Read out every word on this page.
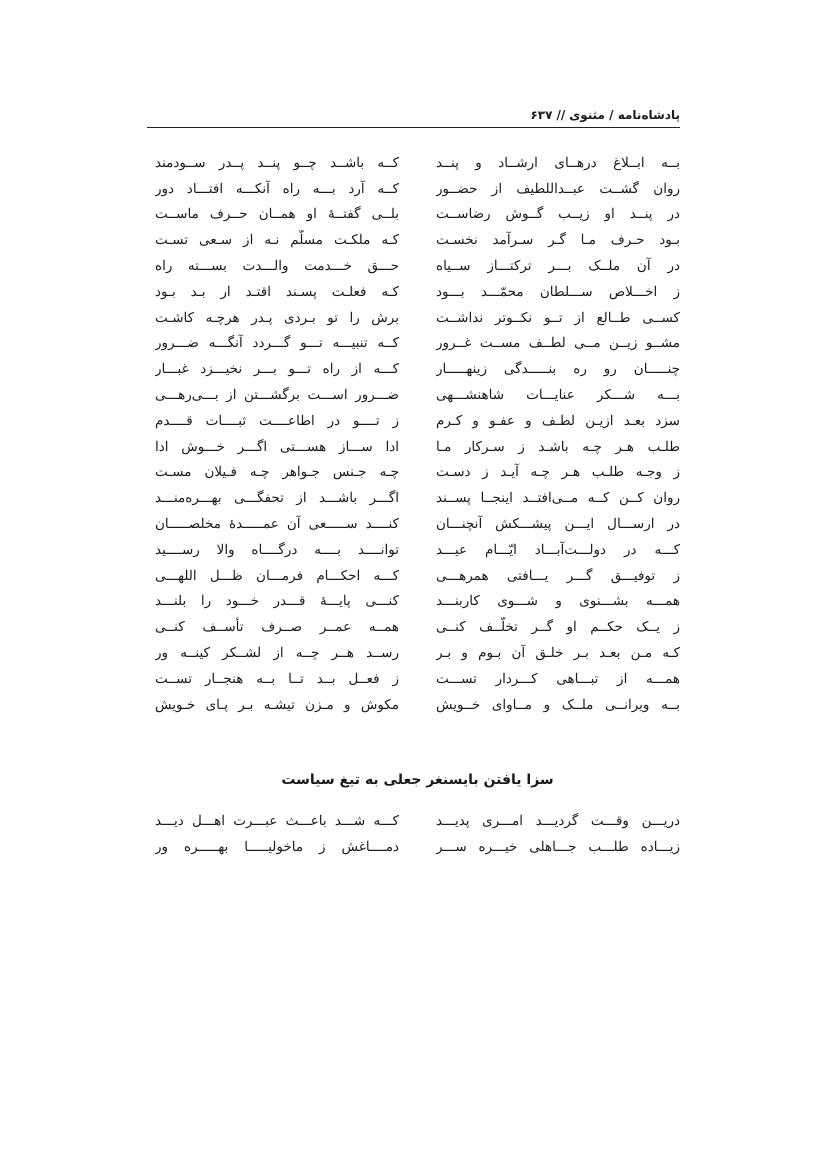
پادشاه‌نامه / مثنوی
//
۶۳۷
بــه ابــلاغ درهــای ارشــاد و پنــد
کــه باشــد چــو پنــد پــدر ســودمند
روان گشــت عبــداللطیف از حضــور
کــه آرد بـــه راه آنکـــه افتـــاد دور
در پنــد او زیــب گــوش رضاســت
بلــی گفتــهٔ او همــان حــرف ماســت
بـود حـرف مـا گـر سـرآمد نخسـت
کـه ملکـت مسلّم نـه از سـعی تسـت
در آن ملــک بـــر ترکتـــاز ســیاه
حـــق خـــدمت والـــدت بســـته راه
ز اخـــلاص ســـلطان محمّـــد بـــود
کـه فعلـت پسـند اقتـد ار بـد بـود
کســی طــالع از تــو نکــوتر نداشــت
برش را تو بـردی پـدر هرچـه کاشـت
مشــو زیــن مــی لطــف مســت غــرور
کــه تنبیـــه تـــو گـــردد آنگـــه ضـــرور
چنـــــان رو ره بنـــــدگی زینهـــــار
کـــه از راه تـــو بـــر نخیـــزد غبـــار
بـــه شـــکر عنایـــات شاهنشـــهی
ضـــرور اســـت برگشـــتن از بـــی‌رهـــی
سزد بعـد ازیـن لطـف و عفـو و کـرم
ز تــــو در اطاعــــت ثبــــات قــــدم
طلـب هـر چـه باشـد ز سـرکار مـا
ادا ســـاز هســـتی اگـــر خـــوش ادا
ز وجـه طلـب هـر چـه آیـد ز دسـت
چـه جـنس جـواهر چـه فـیلان مسـت
روان کــن کــه مــی‌افتــد اینجــا پســند
اگـــر باشـــد از تحفگـــی بهـــره‌منـــد
در ارســـال ایـــن پیشـــکش آنچنـــان
کنــــد ســـــعی آن عمـــــدهٔ مخلصـــــان
کـــه در دولـــت‌آبـــاد ایّـــام عیـــد
توانــــد بــــه درگــــاه والا رســــید
ز توفیـــق گـــر یـــافتی همرهـــی
کـــه احکـــام فرمـــان ظـــل اللهـــی
همـــه بشـــنوی و شـــوی کاربنـــد
کنـــی پایـــهٔ قـــدر خـــود را بلنـــد
ز یــک حکــم او گــر تخلّــف کنــی
همــه عمــر صــرف تأســف کنــی
کـه مـن بعـد بـر خلـق آن بـوم و بـر
رســد هــر چــه از لشــکر کینــه ور
همـــه از تبـــاهی کـــردار تســـت
ز فعــل بــد تــا بــه هنجــار تســت
بــه ویرانــی ملــک و مــاوای خــویش
مکوش و مـزن تیشـه بـر پـای خـویش
سزا یافتن بایسنغر جعلی به تیغ سیاست
دریـــن وقـــت گردیـــد امـــری پدیـــد
کـــه شـــد باعـــث عبـــرت اهـــل دیـــد
زیـــاده طلـــب جـــاهلی خیـــره ســـر
دمــــاغش ز ماخولیـــــا بهـــــره ور
